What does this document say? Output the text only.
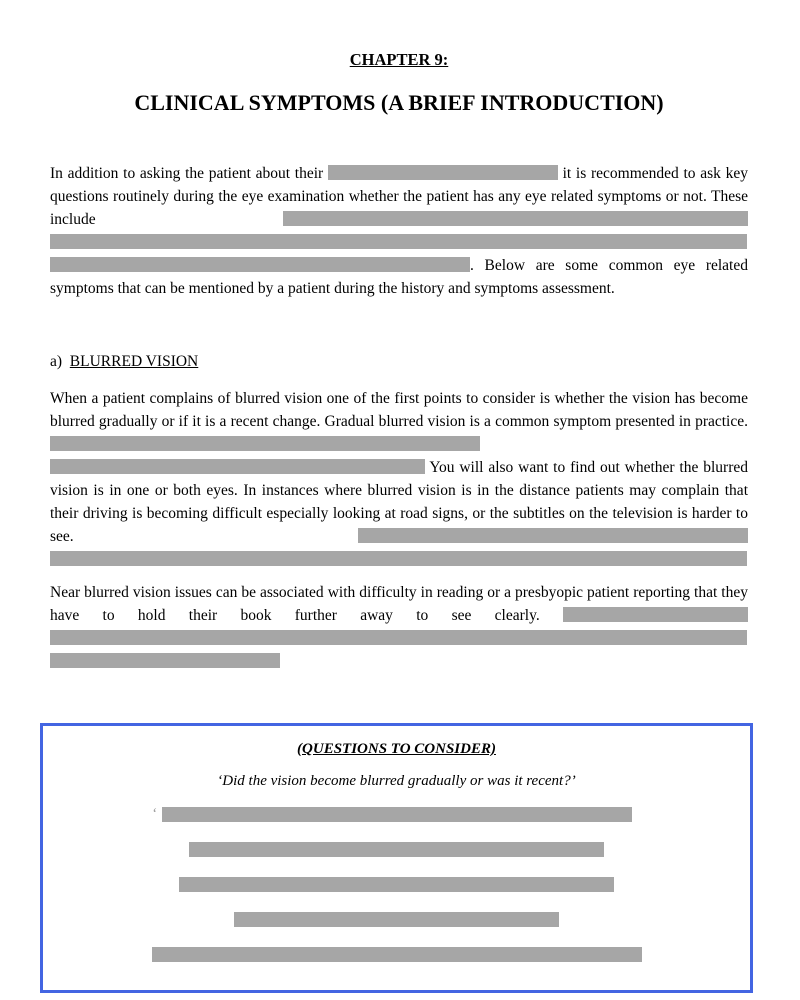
CHAPTER 9:
CLINICAL SYMPTOMS (A BRIEF INTRODUCTION)

In addition to asking the patient about their	it is recommended to ask key questions routinely during the eye examination whether the patient has any eye related symptoms or not. These include   . Below are some common eye related symptoms that can be mentioned by a patient during the history and symptoms assessment.

a) BLURRED VISION

When a patient complains of blurred vision one of the first points to consider is whether the vision has become blurred gradually or if it is a recent change. Gradual blurred vision is a common symptom presented in practice.   You will also want to find out whether the blurred vision is in one or both eyes. In instances where blurred vision is in the distance patients may complain that their driving is becoming difficult especially looking at road signs, or the subtitles on the television is harder to see.

Near blurred vision issues can be associated with difficulty in reading or a presbyopic patient reporting that they have to hold their book further away to see clearly.

(QUESTIONS TO CONSIDER)
‘Did the vision become blurred gradually or was it recent?’
‘
